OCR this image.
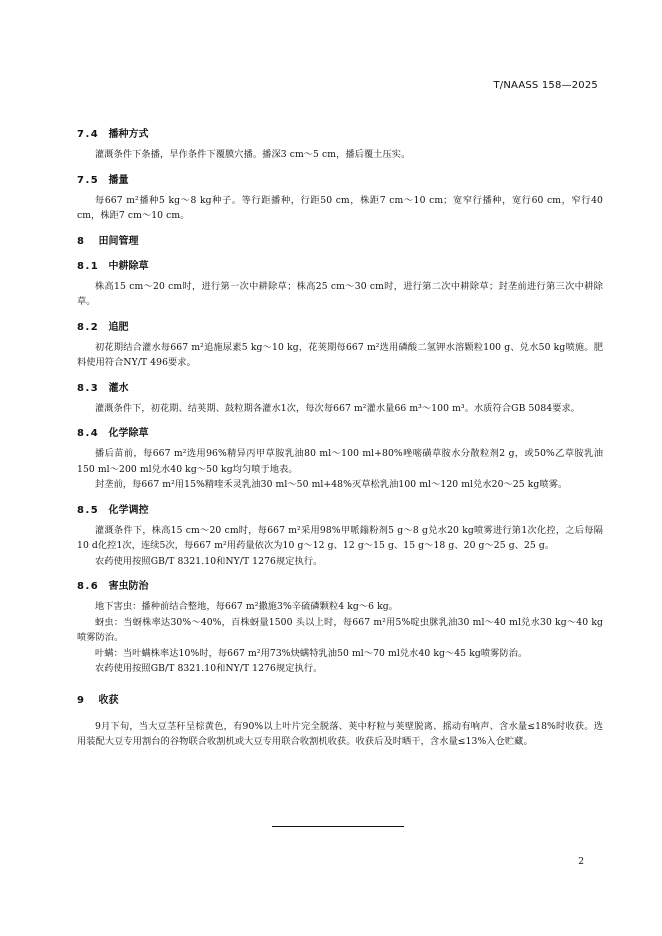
T/NAASS 158—2025
7.4 播种方式

灌溉条件下条播，旱作条件下覆膜穴播。播深3 cm～5 cm，播后覆土压实。

7.5 播量

每667 m²播种5 kg～8 kg种子。等行距播种，行距50 cm，株距7 cm～10 cm；宽窄行播种，宽行60 cm，窄行40 cm，株距7 cm～10 cm。

8 田间管理
8.1 中耕除草

株高15 cm～20 cm时，进行第一次中耕除草；株高25 cm～30 cm时，进行第二次中耕除草；封垄前进行第三次中耕除草。

8.2 追肥

初花期结合灌水每667 m²追施尿素5 kg～10 kg，花荚期每667 m²选用磷酸二氢钾水溶颗粒100 g、兑水50 kg喷施。肥料使用符合NY/T 496要求。

8.3 灌水

灌溉条件下，初花期、结荚期、鼓粒期各灌水1次，每次每667 m²灌水量66 m³～100 m³。水质符合GB 5084要求。

8.4 化学除草

播后苗前，每667 m²选用96%精异丙甲草胺乳油80 ml～100 ml+80%唑嘧磺草胺水分散粒剂2 g，或50%乙草胺乳油150 ml～200 ml兑水40 kg～50 kg均匀喷于地表。

封垄前，每667 m²用15%精喹禾灵乳油30 ml～50 ml+48%灭草松乳油100 ml～120 ml兑水20～25 kg喷雾。

8.5 化学调控

灌溉条件下，株高15 cm～20 cm时，每667 m²采用98%甲哌鎓粉剂5 g～8 g兑水20 kg喷雾进行第1次化控，之后每隔10 d化控1次，连续5次，每667 m²用药量依次为10 g～12 g、12 g～15 g、15 g～18 g、20 g～25 g、25 g。

农药使用按照GB/T 8321.10和NY/T 1276规定执行。

8.6 害虫防治

地下害虫：播种前结合整地，每667 m²撒施3%辛硫磷颗粒4 kg～6 kg。

蚜虫：当蚜株率达30%～40%，百株蚜量1500 头以上时，每667 m²用5%啶虫脒乳油30 ml～40 ml兑水30 kg～40 kg喷雾防治。

叶螨：当叶螨株率达10%时，每667 m²用73%炔螨特乳油50 ml～70 ml兑水40 kg～45 kg喷雾防治。

农药使用按照GB/T 8321.10和NY/T 1276规定执行。

9 收获

9月下旬，当大豆茎秆呈棕黄色，有90%以上叶片完全脱落、荚中籽粒与荚壁脱离、摇动有响声、含水量≤18%时收获。选用装配大豆专用割台的谷物联合收割机或大豆专用联合收割机收获。收获后及时晒干，含水量≤13%入仓贮藏。

2
